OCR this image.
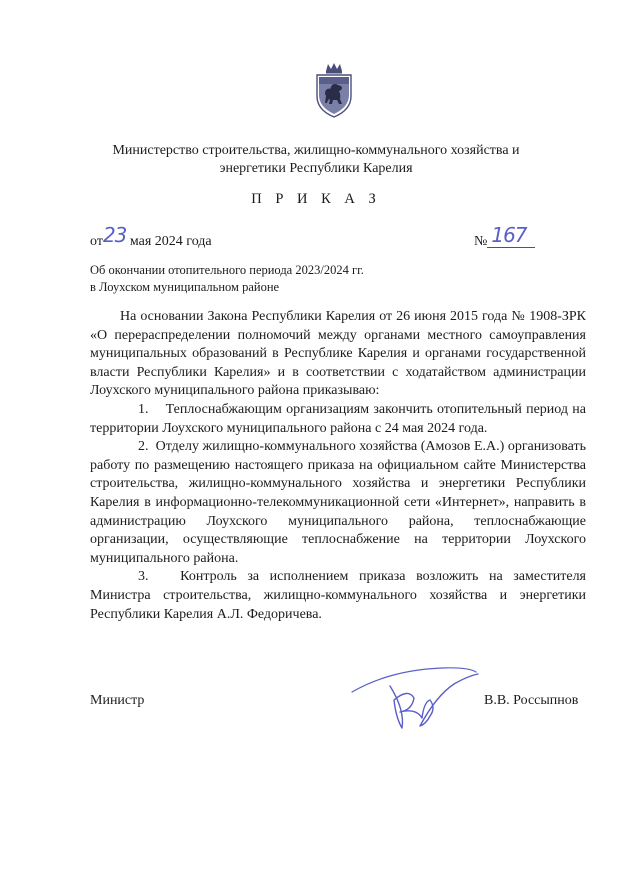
Министерство строительства, жилищно-коммунального хозяйства и
энергетики Республики Карелия
П Р И К А З
от23 мая 2024 года	№ 167
Об окончании отопительного периода 2023/2024 гг.
в Лоухском муниципальном районе

На основании Закона Республики Карелия от 26 июня 2015 года № 1908-ЗРК «О перераспределении полномочий между органами местного самоуправления муниципальных образований в Республике Карелия и органами государственной власти Республики Карелия» и в соответствии с ходатайством администрации Лоухского муниципального района приказываю:

1.    Теплоснабжающим организациям закончить отопительный период на территории Лоухского муниципального района с 24 мая 2024 года.

2.  Отделу жилищно-коммунального хозяйства (Амозов Е.А.) организовать работу по размещению настоящего приказа на официальном сайте Министерства строительства, жилищно-коммунального хозяйства и энергетики Республики Карелия в информационно-телекоммуникационной сети «Интернет», направить в администрацию Лоухского муниципального района, теплоснабжающие организации, осуществляющие теплоснабжение на территории Лоухского муниципального района.

3.   Контроль за исполнением приказа возложить на заместителя Министра строительства, жилищно-коммунального хозяйства и энергетики Республики Карелия А.Л. Федоричева.

Министр	В.В. Россыпнов
